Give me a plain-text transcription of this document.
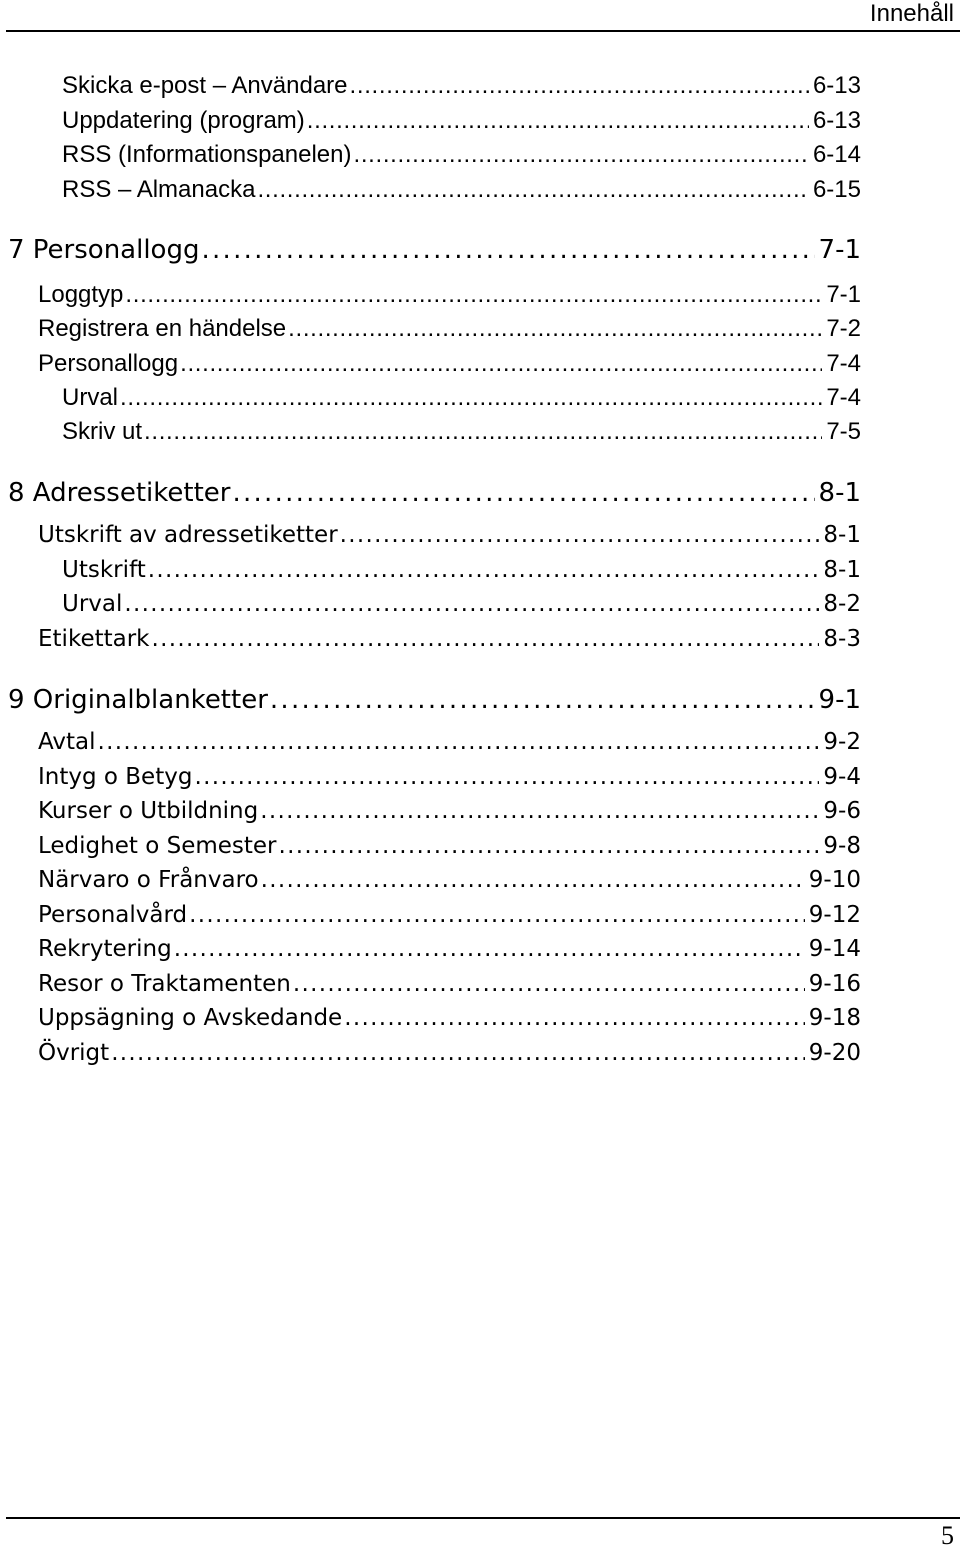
Innehåll
Skicka e-post – Användare . . .	6-13
Uppdatering (program) . . .	6-13
RSS (Informationspanelen) . . .	6-14
RSS – Almanacka . . .	6-15
7 Personallogg . . .	7-1
Loggtyp . . .	7-1
Registrera en händelse . . .	7-2
Personallogg . . .	7-4
Urval . . .	7-4
Skriv ut . . .	7-5
8 Adressetiketter . . .	8-1
Utskrift av adressetiketter . . .	8-1
Utskrift . . .	8-1
Urval . . .	8-2
Etikettark . . .	8-3
9 Originalblanketter . . .	9-1
Avtal . . .	9-2
Intyg o Betyg . . .	9-4
Kurser o Utbildning . . .	9-6
Ledighet o Semester . . .	9-8
Närvaro o Frånvaro . . .	9-10
Personalvård . . .	9-12
Rekrytering . . .	9-14
Resor o Traktamenten . . .	9-16
Uppsägning o Avskedande . . .	9-18
Övrigt . . .	9-20
5
